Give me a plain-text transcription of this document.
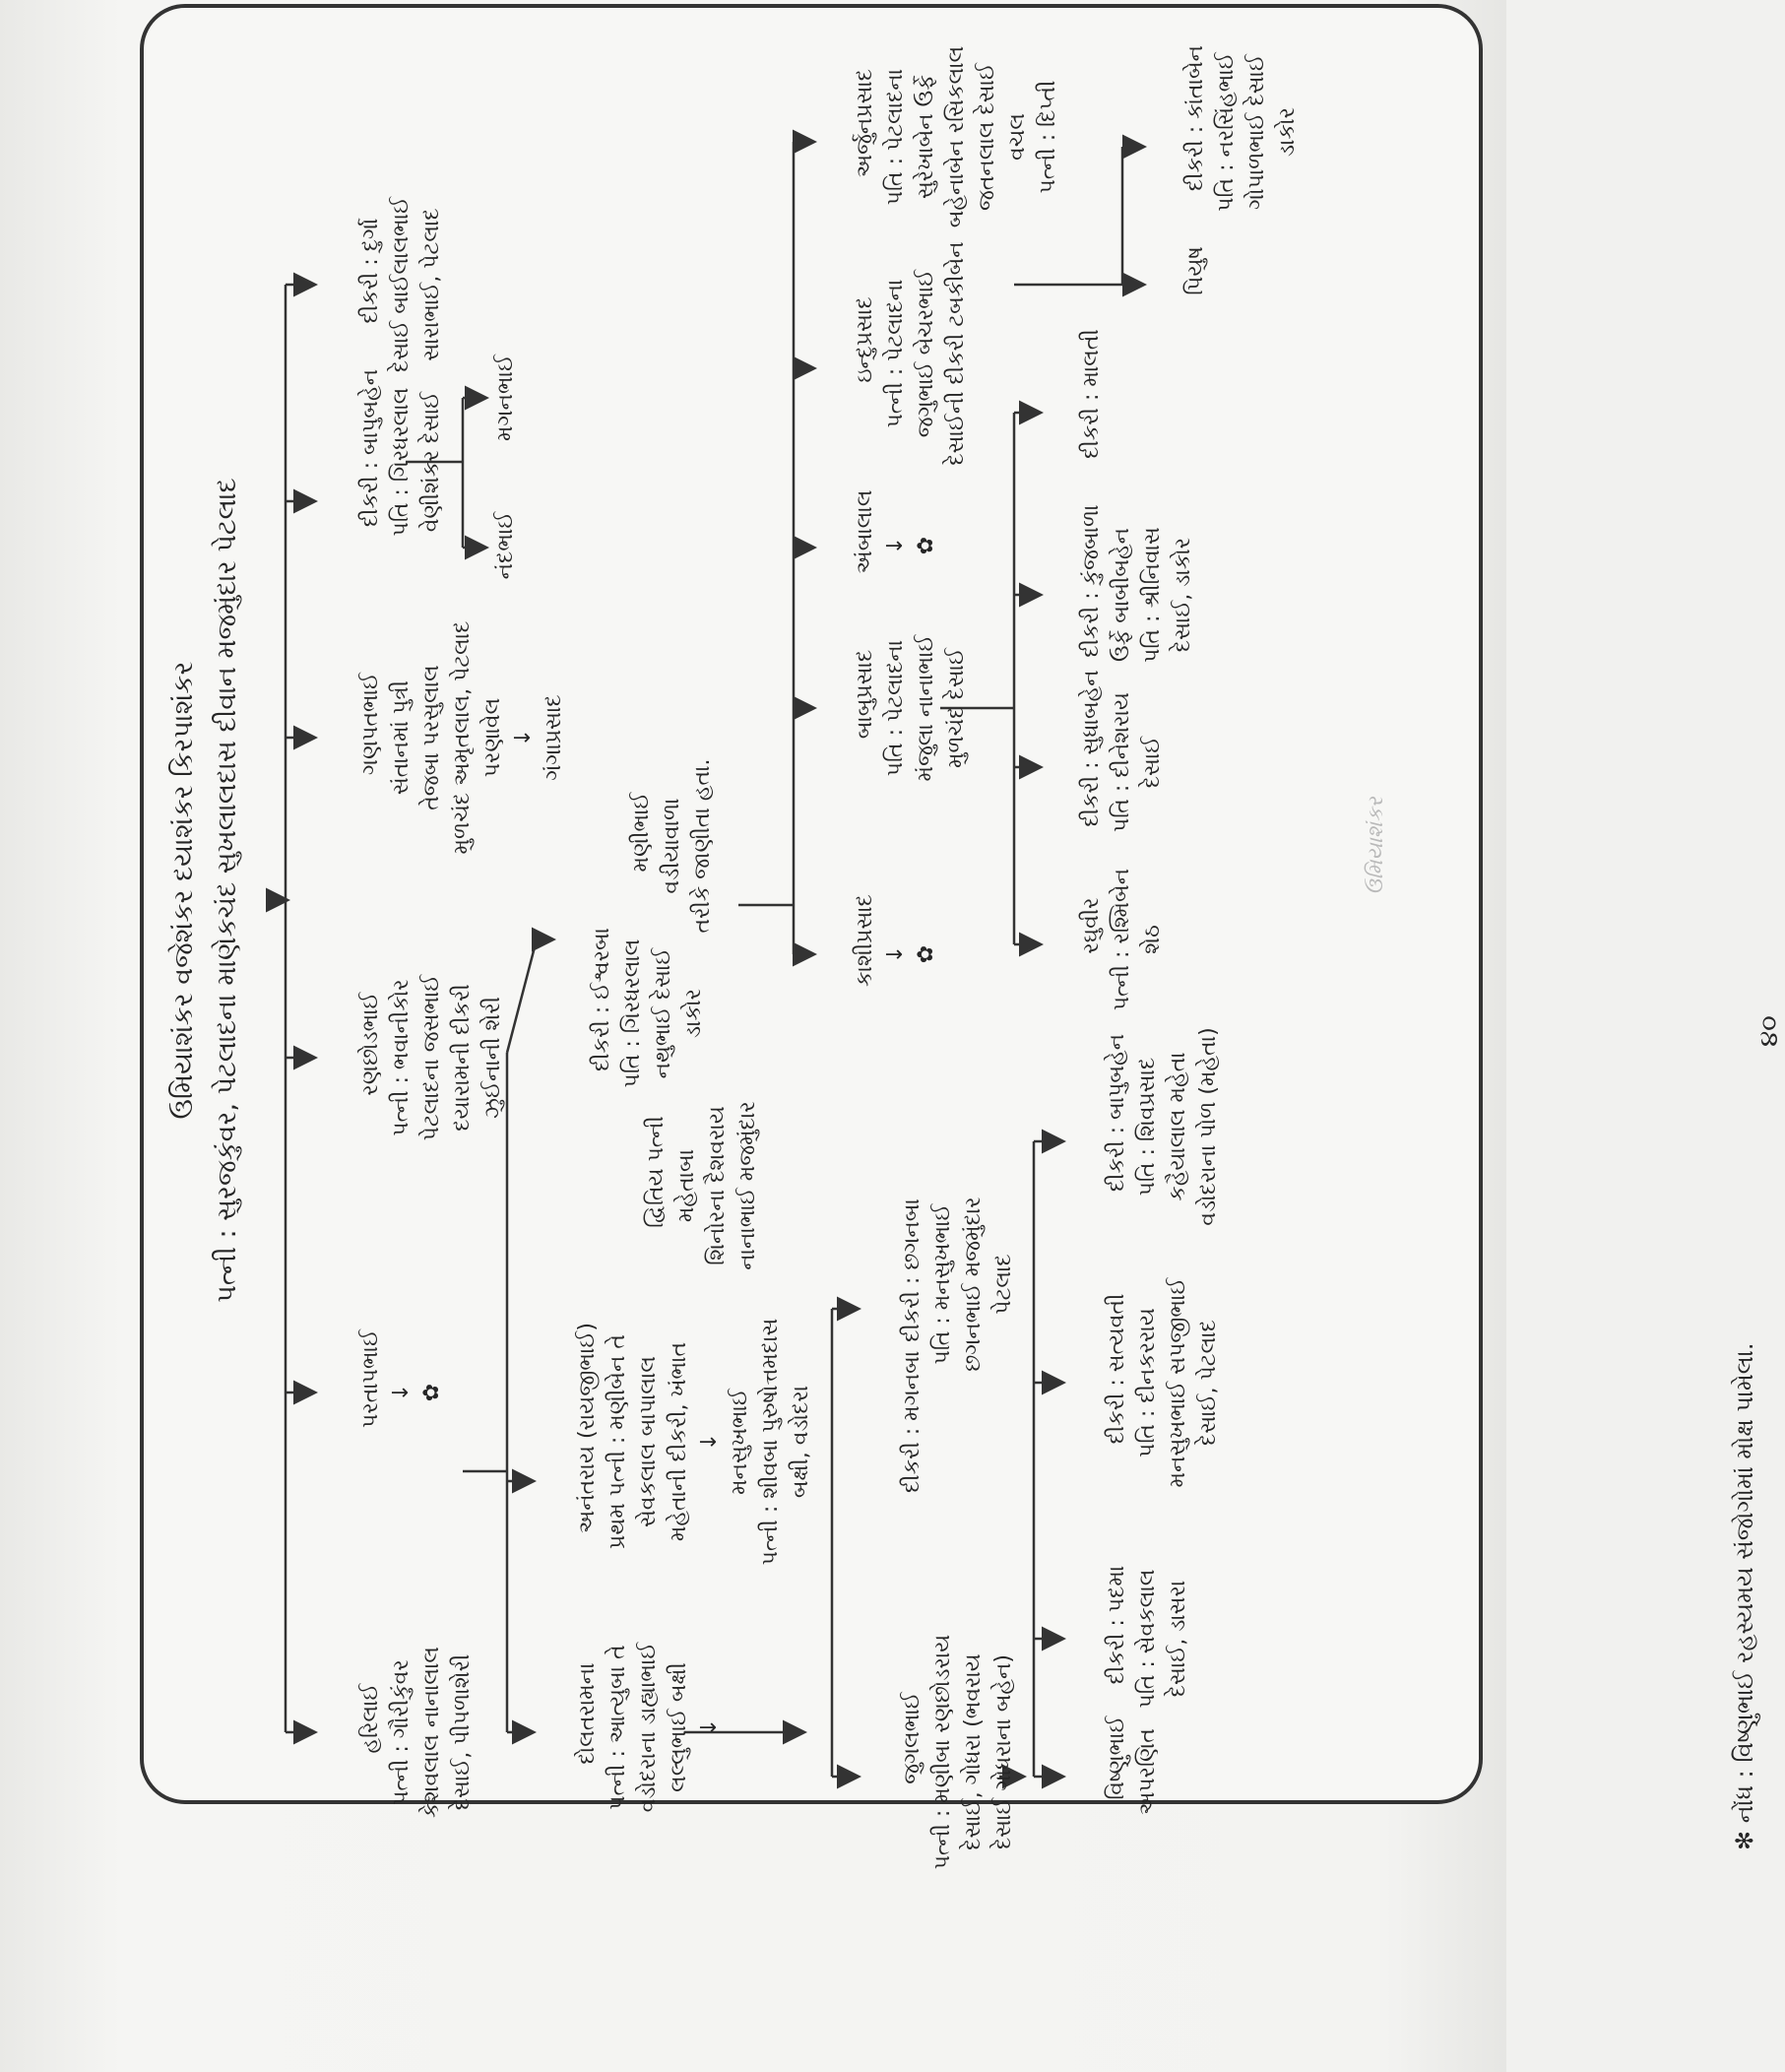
ઉમિયાશંકર વજેશંકર દયાશંકર કિરપાશંકર પત્ની : સુરજકુંવર, પેટલાદના માણેકચંદ સુખલાલદાસ દીવાન મજમુંદાર પેટલાદ

હરિલાઈ પત્ની : ગૌરીકુંવર કેશવલાલ નાનાલાલ દેસાઈ, પીપળાશેરી

પરતાપભાઈ ↓ ✿

રણછોડભાઈ પત્ની : ભવાનીકોર પેટલાદના જસભાઈ દયારામની દીકરી ઝુઈનાની શેરી

ગણપતભાઈ સંતાનમાં પુત્રી તેજબા પરસુલાલ મુળચંદ અમૃતલાલ, પેટલાદ પરણાવેલ ↓ ગંગાપ્રસાદ

દીકરી : બાપુબહેન પતિ : ગિરધરલાલ વેણીશંકર દેસાઈ

દીકરી : દુર્ગા દેસાઈ બાઈલાલભાઈ સારાભાઈ, પેટલાદ

નંદભાઈ
મગનભાઈ

દોલતરામના પત્ની : આત્યુબા તે વડોદરાના ડાહ્યાભાઈ લલ્લુભાઈ બક્ષી ↓

અનંતરાય (રાયજીભાઈ) પ્રથમ પત્ની : મણીબેન તે સેવકલાલ બાપાલાલ મહેતાની દીકરી, ખંભાત ↓ મનસુખભાઈ પત્ની : શીવબા પુરુષોત્તમદાસ બક્ષી, વડોદરા

દ્વિતિય પત્ની મહેતાબા શિનોરના દૈશવરાય નાનાભાઈ મજમુંદાર

દીકરી : ઈશ્વરબા પતિ : ગિરધરલાલ નથુભાઈ દેસાઈ ડાકોર

મણીભાઈ વડીયાવાળા તરીકે જાણીતા હતા.

જુગલભાઈ પત્ની : મણીબા રણછોડરાય દેસાઈ, ગોધરા (ભવરાય દેસાઈ ગોધરાના બહેન)

દીકરી : મગનબા

દીકરી : છગનબા પતિ : મનસુખભાઈ છગનભાઈ મજમુંદાર પેટલાદ

વિષ્ણુભાઈ અપરણિત

દીકરી : પદમા પતિ : સેવકલાલ દેસાઈ, ડાસરા

દીકરી : સત્યવતી પતિ : દીનકરરાય મનસુખભાઈ સપજીભાઈ દેસાઈ, પેટલાદ

દીકરી : બાપુબહેન પતિ : શિવપ્રસાદ કહૈયાલાલ મહેતા વડોદરાના પોળ (મહેતા)

કાશીપ્રસાદ ↓ ✿

બાબુપ્રસાદ પતિ : પેટલાદના મંજુલા નાનાભાઈ મુળચંદ દેસાઈ

અંબાલાલ ↓ ✿

ઇન્દુપ્રસાદ પત્ની : પેટલાદના જગુભાઈ બેચરભાઈ દેસાઈની દીકરી ટબકીબેન

અર્જુનપ્રસાદ પતિ : પેટલાદના સુરેખાબેન ઉર્ફે બહેનાબેન રસિકલાલ જતનલાલ દેસાઈ વચલ પત્ની : દિપ્તી

રઘુવીર પત્ની : રશ્મિબેન શેઠ

દીકરી : સુધાબહેન પતિ : દીનેશરાય દેસાઈ

દીકરી : કુંજબાળા ઉર્ફે બાબીબહેન પતિ : શ્રીનિવાસ દેસાઈ, ડાકોર

દીકરી : માલતી

પિયુષ

દીકરી : કાંતાબેન પતિ : નરસિંહભાઈ ગોપાળભાઈ દેસાઈ ડાકોર

✻ નોંધ : વિષ્ણુભાઈ રહસ્યમય સંજોગોમાં મોક્ષ પામેલા.
૪૦
ઉમિયાશંકર
